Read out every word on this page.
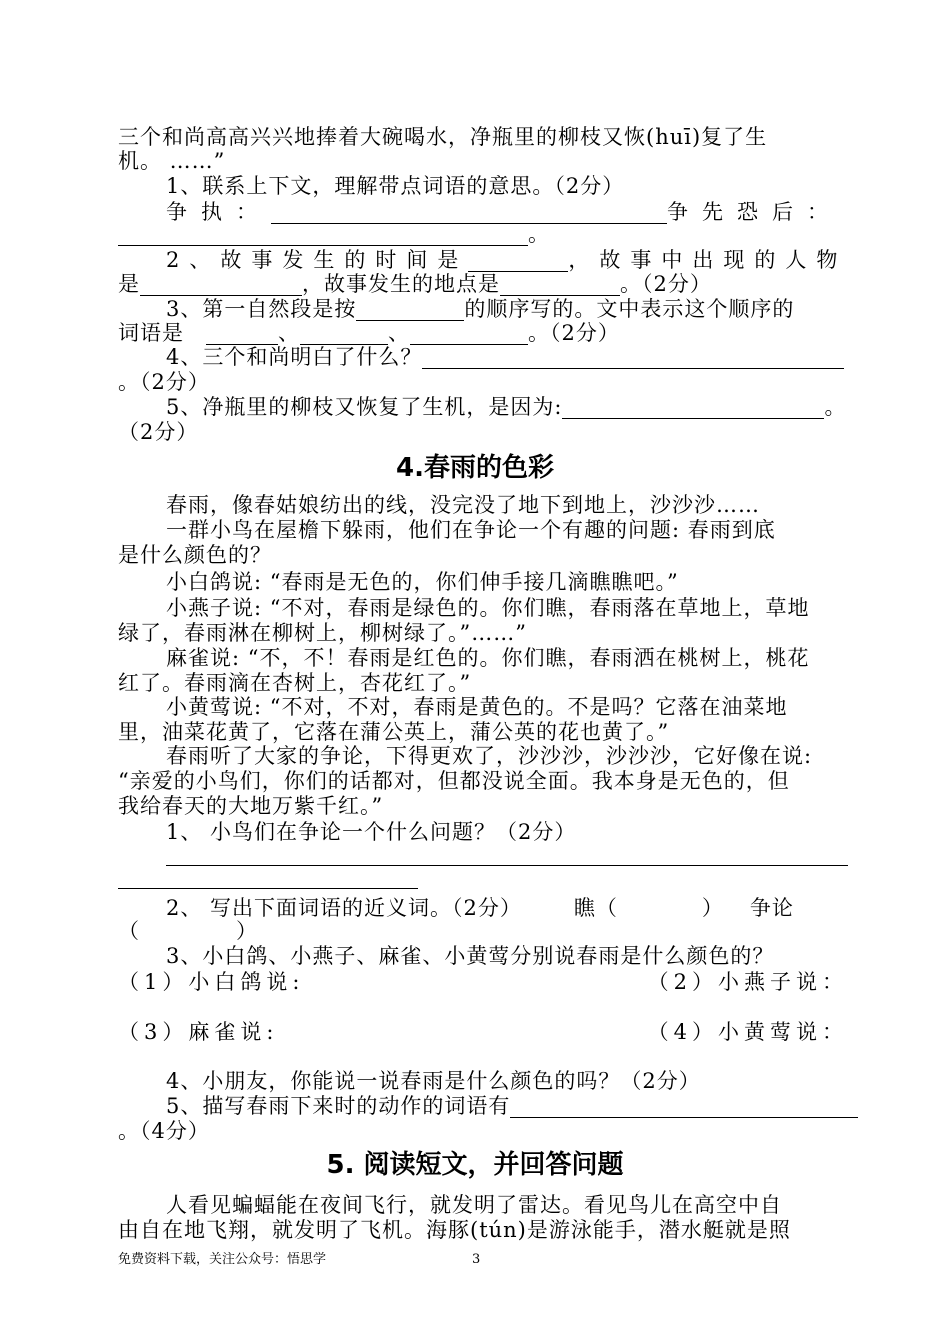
三个和尚高高兴兴地捧着大碗喝水，净瓶里的柳枝又恢(huī)复了生
机。 ……”
1、联系上下文，理解带点词语的意思。（2分）
争执：	争先恐后：
。
2、故事发生的时间是	，故事中出现的人物
是	，故事发生的地点是	。（2分）
3、第一自然段是按	的顺序写的。文中表示这个顺序的
词语是	、	、	。（2分）
4、三个和尚明白了什么？
。（2分）
5、净瓶里的柳枝又恢复了生机，是因为:	。
（2分）
4.春雨的色彩
春雨，像春姑娘纺出的线，没完没了地下到地上，沙沙沙……
一群小鸟在屋檐下躲雨，他们在争论一个有趣的问题: 春雨到底
是什么颜色的？
小白鸽说: “春雨是无色的，你们伸手接几滴瞧瞧吧。”
小燕子说: “不对，春雨是绿色的。你们瞧，春雨落在草地上，草地
绿了，春雨淋在柳树上，柳树绿了。”……”
麻雀说: “不，不！春雨是红色的。你们瞧，春雨洒在桃树上，桃花
红了。春雨滴在杏树上，杏花红了。”
小黄莺说: “不对，不对，春雨是黄色的。不是吗？它落在油菜地
里，油菜花黄了，它落在蒲公英上，蒲公英的花也黄了。”
春雨听了大家的争论，下得更欢了，沙沙沙，沙沙沙，它好像在说:
“亲爱的小鸟们，你们的话都对，但都没说全面。我本身是无色的，但
我给春天的大地万紫千红。”
1、 小鸟们在争论一个什么问题？（2分）
2、 写出下面词语的近义词。（2分） 瞧（	） 争论
（	）
3、小白鸽、小燕子、麻雀、小黄莺分别说春雨是什么颜色的？
（1）小白鸽说:	（2）小燕子说：
（3）麻雀说:	（4）小黄莺说：
4、小朋友，你能说一说春雨是什么颜色的吗？（2分）
5、描写春雨下来时的动作的词语有
。（4分）
5. 阅读短文，并回答问题
人看见蝙蝠能在夜间飞行，就发明了雷达。看见鸟儿在高空中自
由自在地飞翔，就发明了飞机。海豚(tún)是游泳能手，潜水艇就是照
免费资料下载，关注公众号：悟思学	3
